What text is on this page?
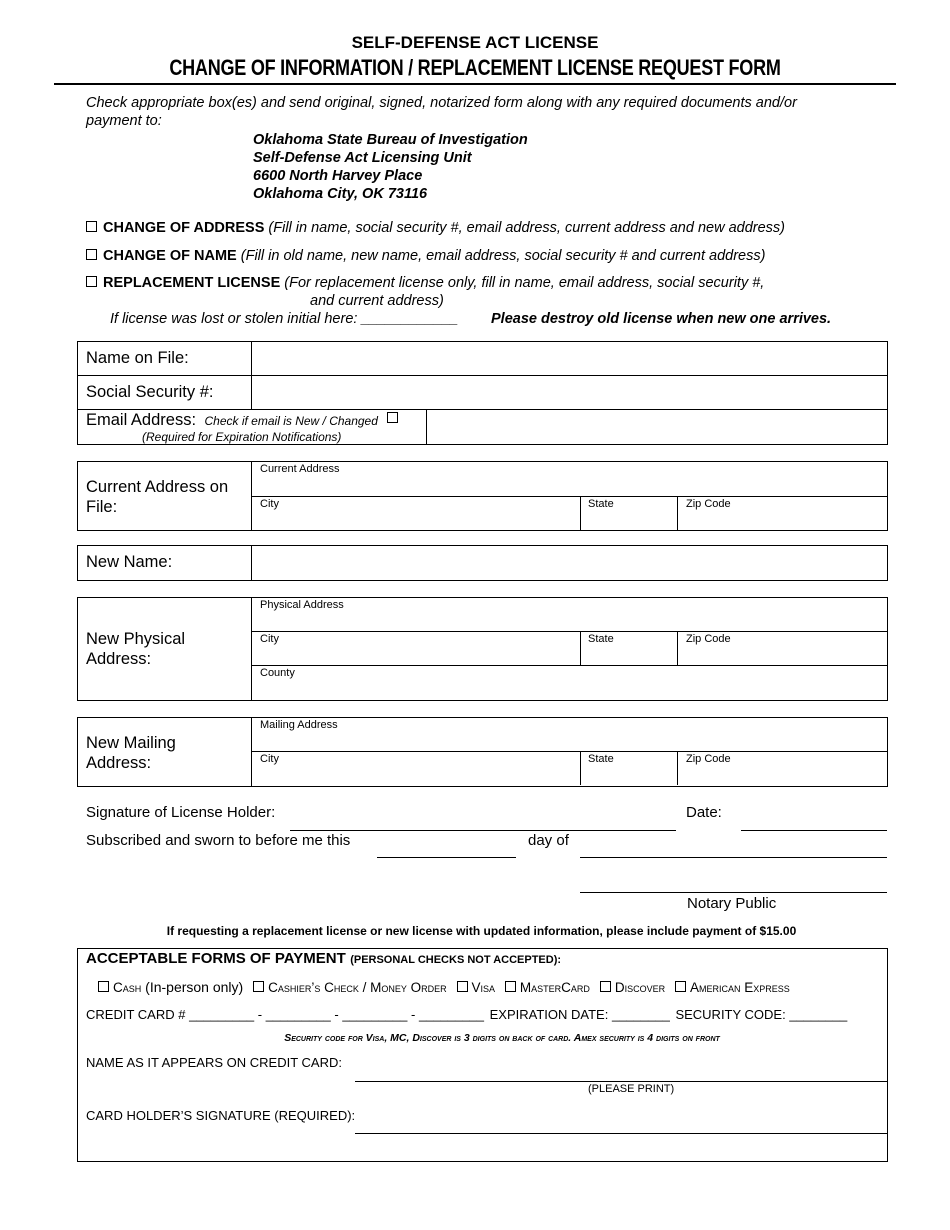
SELF-DEFENSE ACT LICENSE
CHANGE OF INFORMATION / REPLACEMENT LICENSE REQUEST FORM
Check appropriate box(es) and send original, signed, notarized form along with any required documents and/or
payment to:
Oklahoma State Bureau of Investigation
Self-Defense Act Licensing Unit
6600 North Harvey Place
Oklahoma City, OK 73116
CHANGE OF ADDRESS (Fill in name, social security #, email address, current address and new address)
CHANGE OF NAME (Fill in old name, new name, email address, social security # and current address)
REPLACEMENT LICENSE (For replacement license only, fill in name, email address, social security #,
and current address)
If license was lost or stolen initial here: ____________ Please destroy old license when new one arrives.
Name on File:
Social Security #:
Email Address: Check if email is New / Changed
(Required for Expiration Notifications)
Current Address on
File:
Current Address
City	State	Zip Code
New Name:
New Physical
Address:
Physical Address
City	State	Zip Code
County
New Mailing
Address:
Mailing Address
City	State	Zip Code
Signature of License Holder:	Date:
Subscribed and sworn to before me this	day of
Notary Public
If requesting a replacement license or new license with updated information, please include payment of $15.00
ACCEPTABLE FORMS OF PAYMENT (PERSONAL CHECKS NOT ACCEPTED):
Cash (In-person only) Cashier’s Check / Money Order Visa MasterCard Discover American Express
CREDIT CARD # _________ - _________ - _________ - _________ EXPIRATION DATE: ________ SECURITY CODE: ________
Security code for Visa, MC, Discover is 3 digits on back of card. Amex security is 4 digits on front
NAME AS IT APPEARS ON CREDIT CARD:
(PLEASE PRINT)
CARD HOLDER’S SIGNATURE (REQUIRED):
